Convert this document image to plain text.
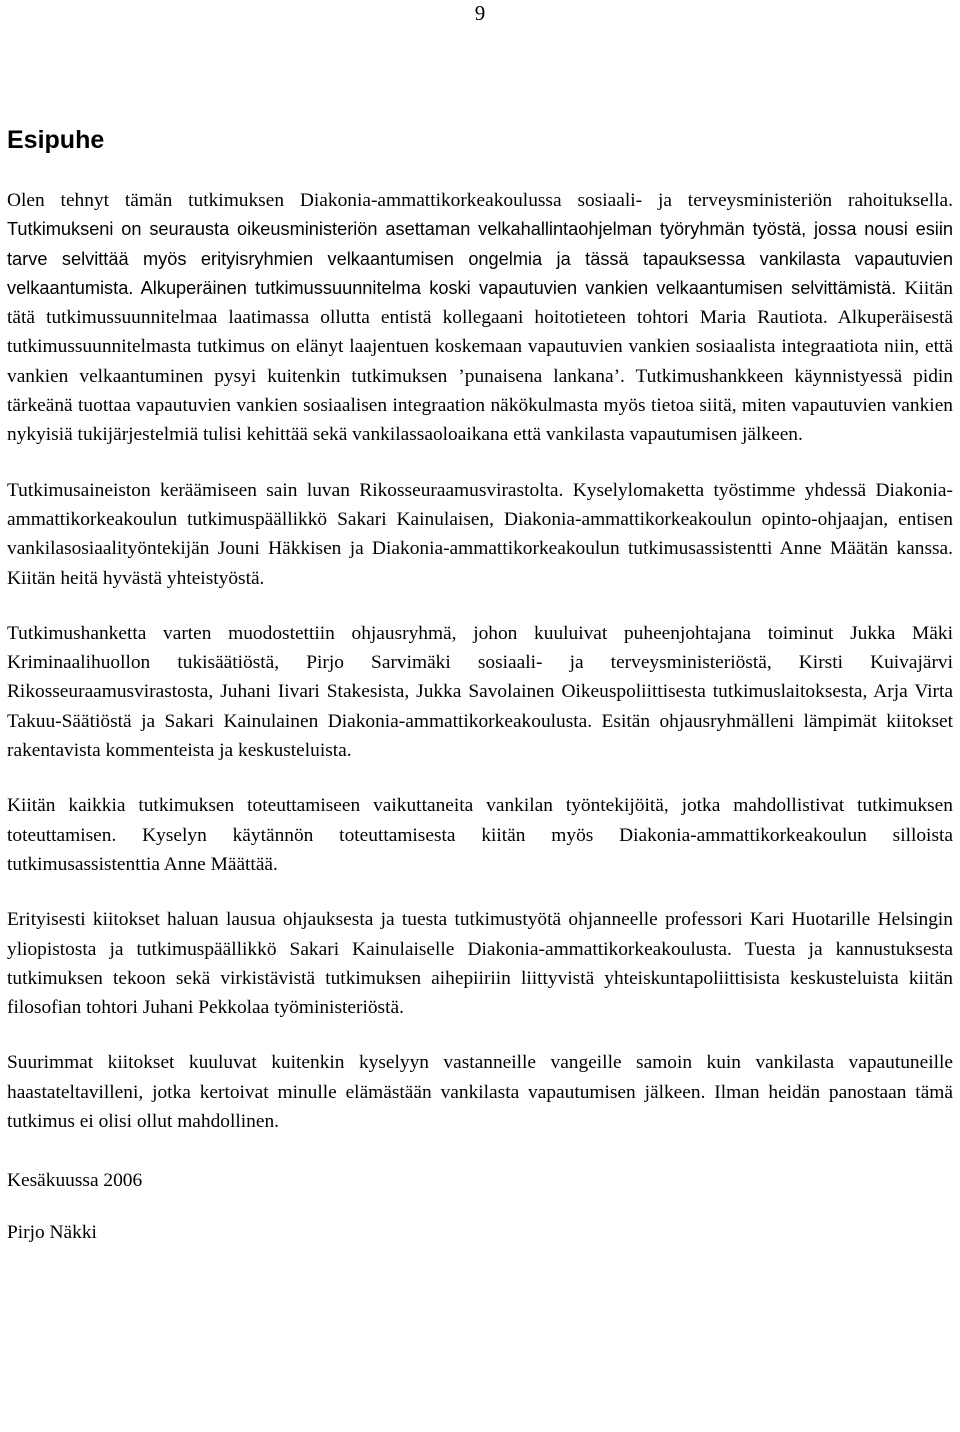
9
Esipuhe

Olen tehnyt tämän tutkimuksen Diakonia-ammattikorkeakoulussa sosiaali- ja terveysministeriön rahoituksella. Tutkimukseni on seurausta oikeusministeriön asettaman velkahallintaohjelman työryhmän työstä, jossa nousi esiin tarve selvittää myös erityisryhmien velkaantumisen ongelmia ja tässä tapauksessa vankilasta vapautuvien velkaantumista. Alkuperäinen tutkimussuunnitelma koski vapautuvien vankien velkaantumisen selvittämistä. Kiitän tätä tutkimussuunnitelmaa laatimassa ollutta entistä kollegaani hoitotieteen tohtori Maria Rautiota. Alkuperäisestä tutkimussuunnitelmasta tutkimus on elänyt laajentuen koskemaan vapautuvien vankien sosiaalista integraatiota niin, että vankien velkaantuminen pysyi kuitenkin tutkimuksen ’punaisena lankana’. Tutkimushankkeen käynnistyessä pidin tärkeänä tuottaa vapautuvien vankien sosiaalisen integraation näkökulmasta myös tietoa siitä, miten vapautuvien vankien nykyisiä tukijärjestelmiä tulisi kehittää sekä vankilassaoloaikana että vankilasta vapautumisen jälkeen.

Tutkimusaineiston keräämiseen sain luvan Rikosseuraamusvirastolta. Kyselylomaketta työstimme yhdessä Diakonia-ammattikorkeakoulun tutkimuspäällikkö Sakari Kainulaisen, Diakonia-ammattikorkeakoulun opinto-ohjaajan, entisen vankilasosiaalityöntekijän Jouni Häkkisen ja Diakonia-ammattikorkeakoulun tutkimusassistentti Anne Määtän kanssa. Kiitän heitä hyvästä yhteistyöstä.

Tutkimushanketta varten muodostettiin ohjausryhmä, johon kuuluivat puheenjohtajana toiminut Jukka Mäki Kriminaalihuollon tukisäätiöstä, Pirjo Sarvimäki sosiaali- ja terveysministeriöstä, Kirsti Kuivajärvi Rikosseuraamusvirastosta, Juhani Iivari Stakesista, Jukka Savolainen Oikeuspoliittisesta tutkimuslaitoksesta, Arja Virta Takuu-Säätiöstä ja Sakari Kainulainen Diakonia-ammattikorkeakoulusta. Esitän ohjausryhmälleni lämpimät kiitokset rakentavista kommenteista ja keskusteluista.

Kiitän kaikkia tutkimuksen toteuttamiseen vaikuttaneita vankilan työntekijöitä, jotka mahdollistivat tutkimuksen toteuttamisen. Kyselyn käytännön toteuttamisesta kiitän myös Diakonia-ammattikorkeakoulun silloista tutkimusassistenttia Anne Määttää.

Erityisesti kiitokset haluan lausua ohjauksesta ja tuesta tutkimustyötä ohjanneelle professori Kari Huotarille Helsingin yliopistosta ja tutkimuspäällikkö Sakari Kainulaiselle Diakonia-ammattikorkeakoulusta. Tuesta ja kannustuksesta tutkimuksen tekoon sekä virkistävistä tutkimuksen aihepiiriin liittyvistä yhteiskuntapoliittisista keskusteluista kiitän filosofian tohtori Juhani Pekkolaa työministeriöstä.

Suurimmat kiitokset kuuluvat kuitenkin kyselyyn vastanneille vangeille samoin kuin vankilasta vapautuneille haastateltavilleni, jotka kertoivat minulle elämästään vankilasta vapautumisen jälkeen. Ilman heidän panostaan tämä tutkimus ei olisi ollut mahdollinen.

Kesäkuussa 2006

Pirjo Näkki
